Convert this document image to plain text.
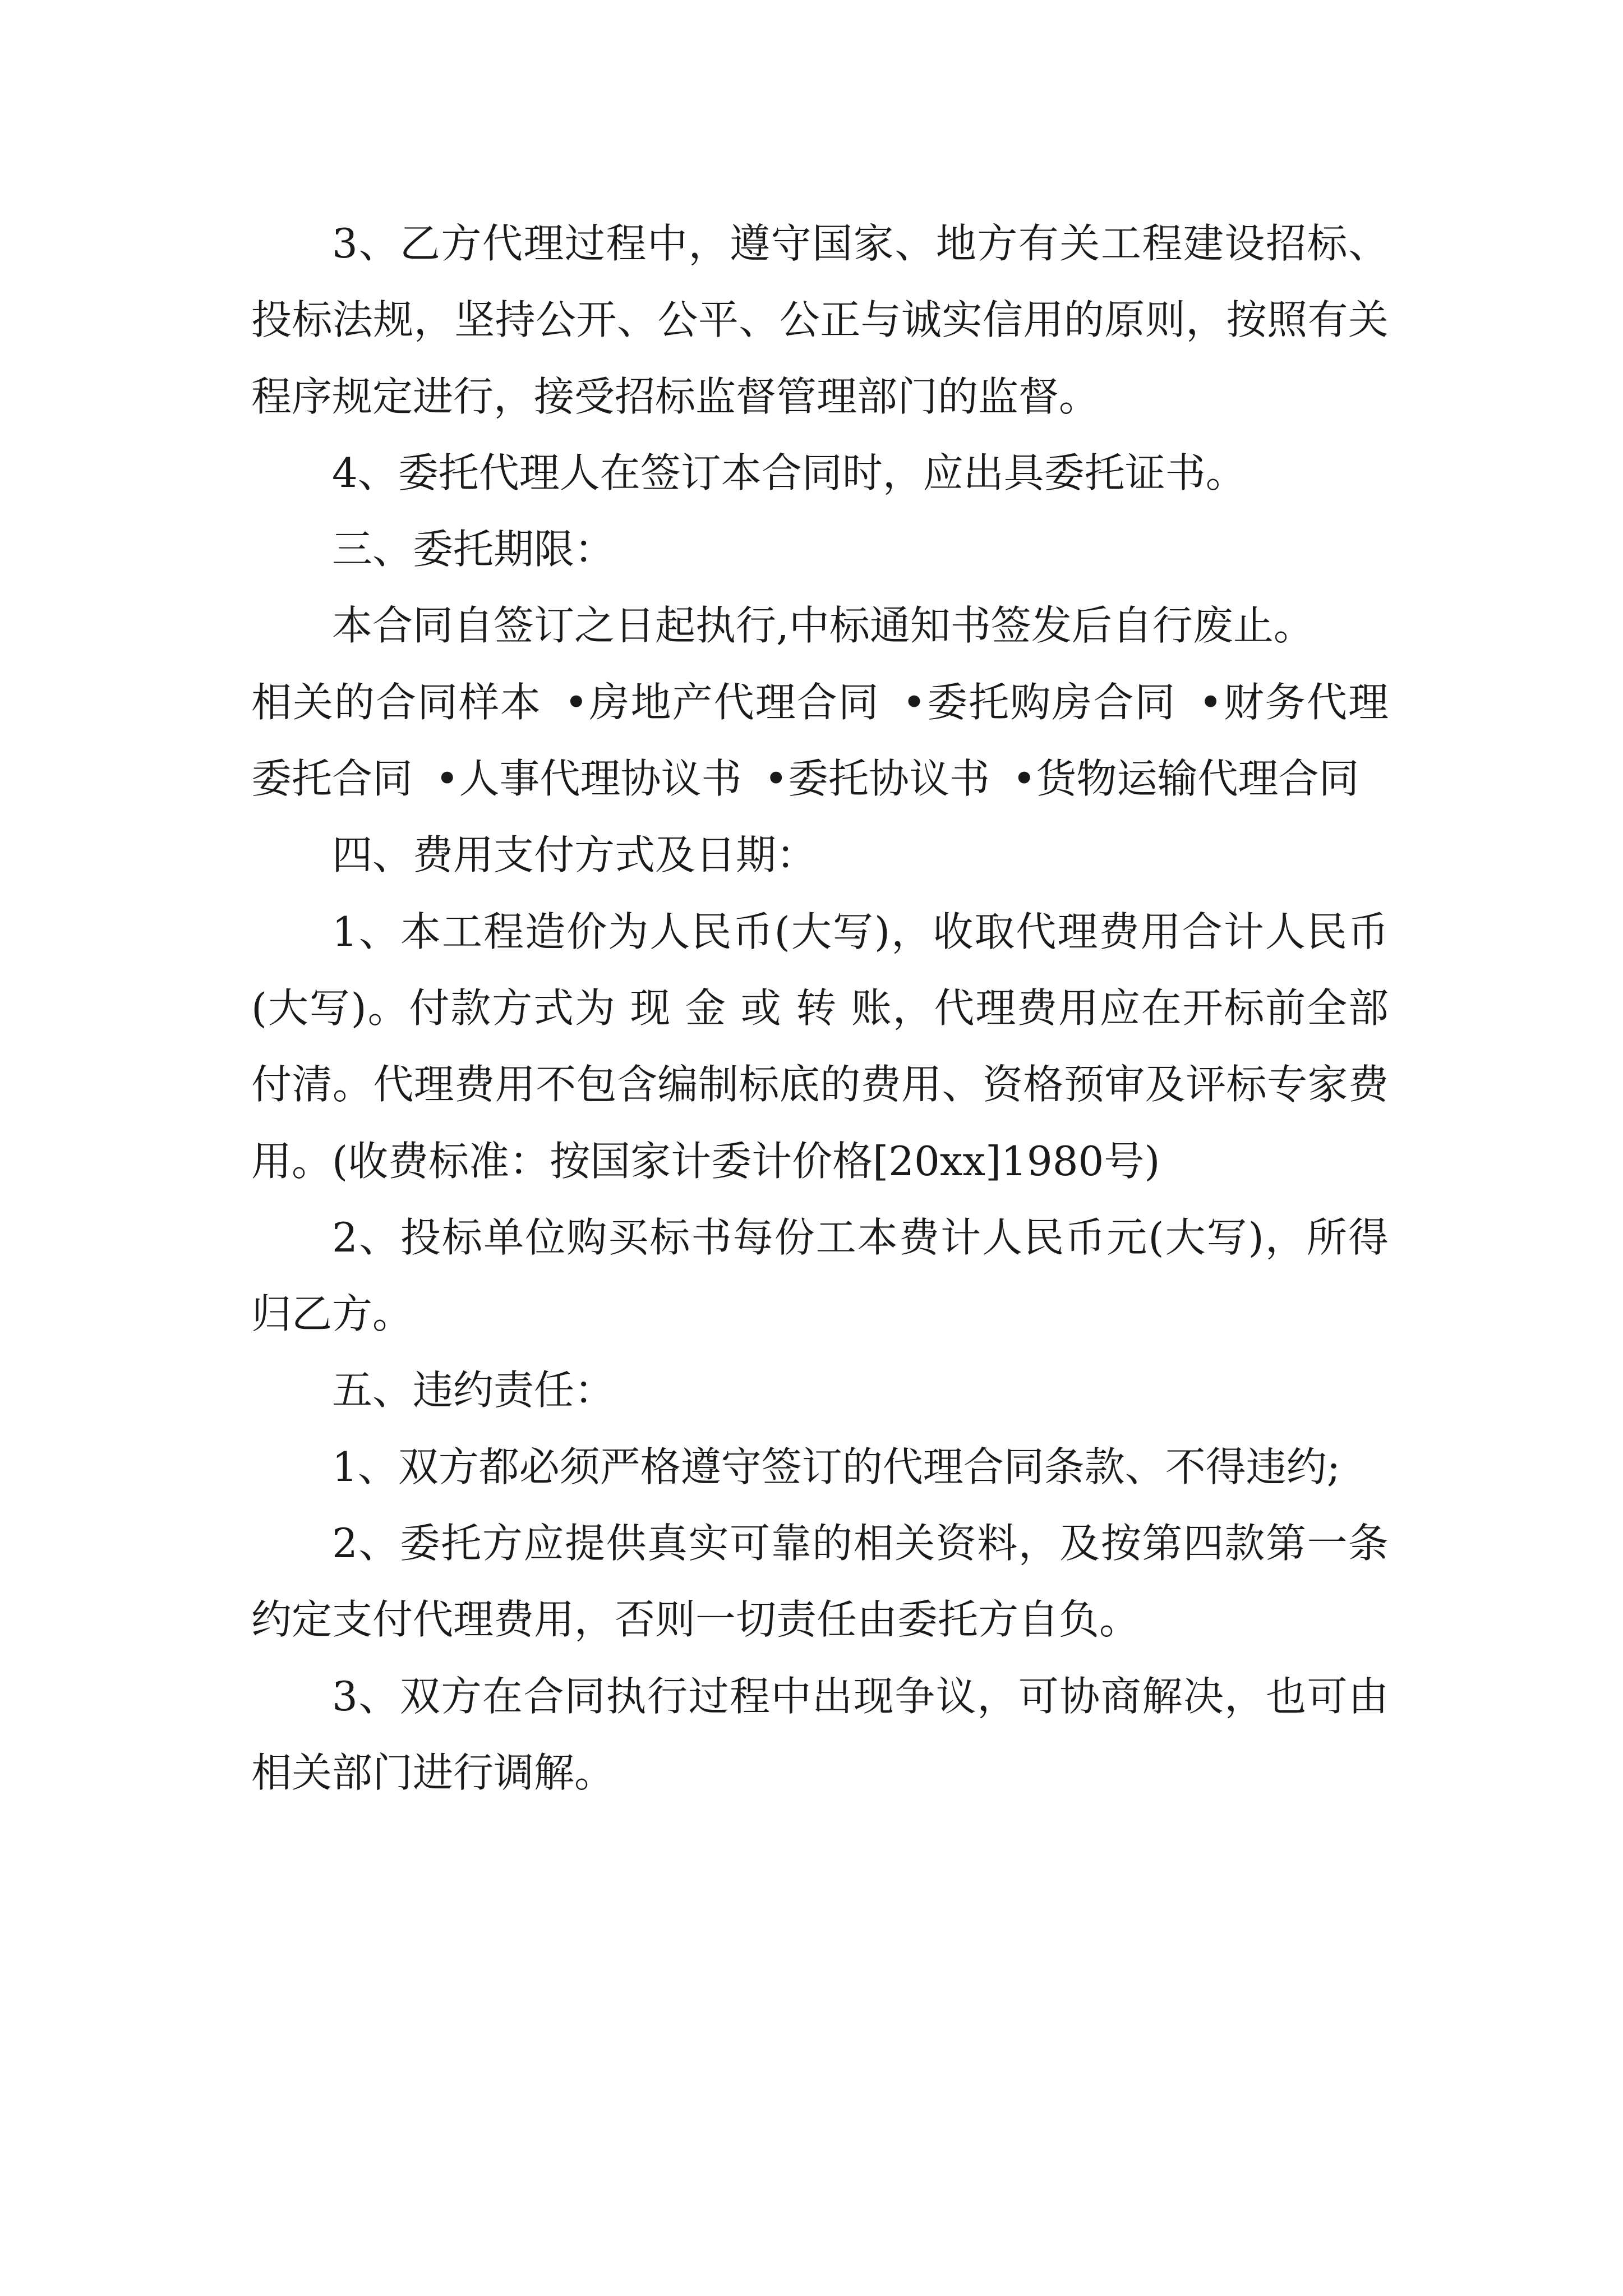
3、乙方代理过程中，遵守国家、地方有关工程建设招标、投标法规，坚持公开、公平、公正与诚实信用的原则，按照有关程序规定进行，接受招标监督管理部门的监督。

4、委托代理人在签订本合同时，应出具委托证书。

三、委托期限：

本合同自签订之日起执行,中标通知书签发后自行废止。

相关的合同样本 •房地产代理合同 •委托购房合同 •财务代理委托合同 •人事代理协议书 •委托协议书 •货物运输代理合同

四、费用支付方式及日期：

1、本工程造价为人民币(大写)，收取代理费用合计人民币 (大写)。付款方式为 现 金 或 转 账，代理费用应在开标前全部付清。代理费用不包含编制标底的费用、资格预审及评标专家费用。(收费标准：按国家计委计价格[20xx]1980号)

2、投标单位购买标书每份工本费计人民币元(大写)，所得归乙方。

五、违约责任：

1、双方都必须严格遵守签订的代理合同条款、不得违约;

2、委托方应提供真实可靠的相关资料，及按第四款第一条约定支付代理费用，否则一切责任由委托方自负。

3、双方在合同执行过程中出现争议，可协商解决，也可由相关部门进行调解。
